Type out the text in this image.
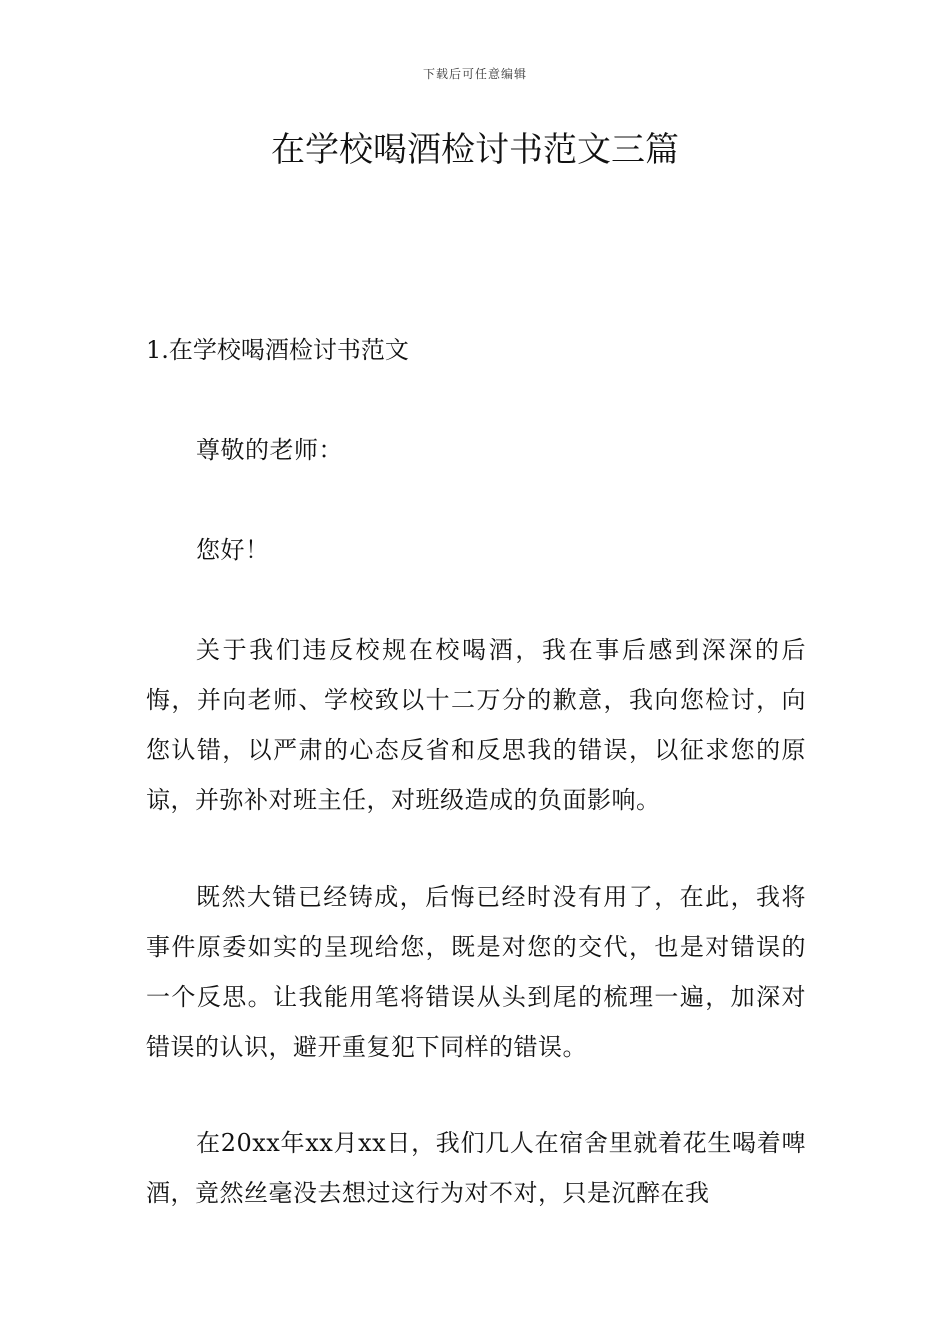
下载后可任意编辑
在学校喝酒检讨书范文三篇
1.在学校喝酒检讨书范文

尊敬的老师：

您好！

关于我们违反校规在校喝酒，我在事后感到深深的后悔，并向老师、学校致以十二万分的歉意，我向您检讨，向您认错，以严肃的心态反省和反思我的错误，以征求您的原谅，并弥补对班主任，对班级造成的负面影响。

既然大错已经铸成，后悔已经时没有用了，在此，我将事件原委如实的呈现给您，既是对您的交代，也是对错误的一个反思。让我能用笔将错误从头到尾的梳理一遍，加深对错误的认识，避开重复犯下同样的错误。

在20xx年xx月xx日，我们几人在宿舍里就着花生喝着啤酒，竟然丝毫没去想过这行为对不对，只是沉醉在我
